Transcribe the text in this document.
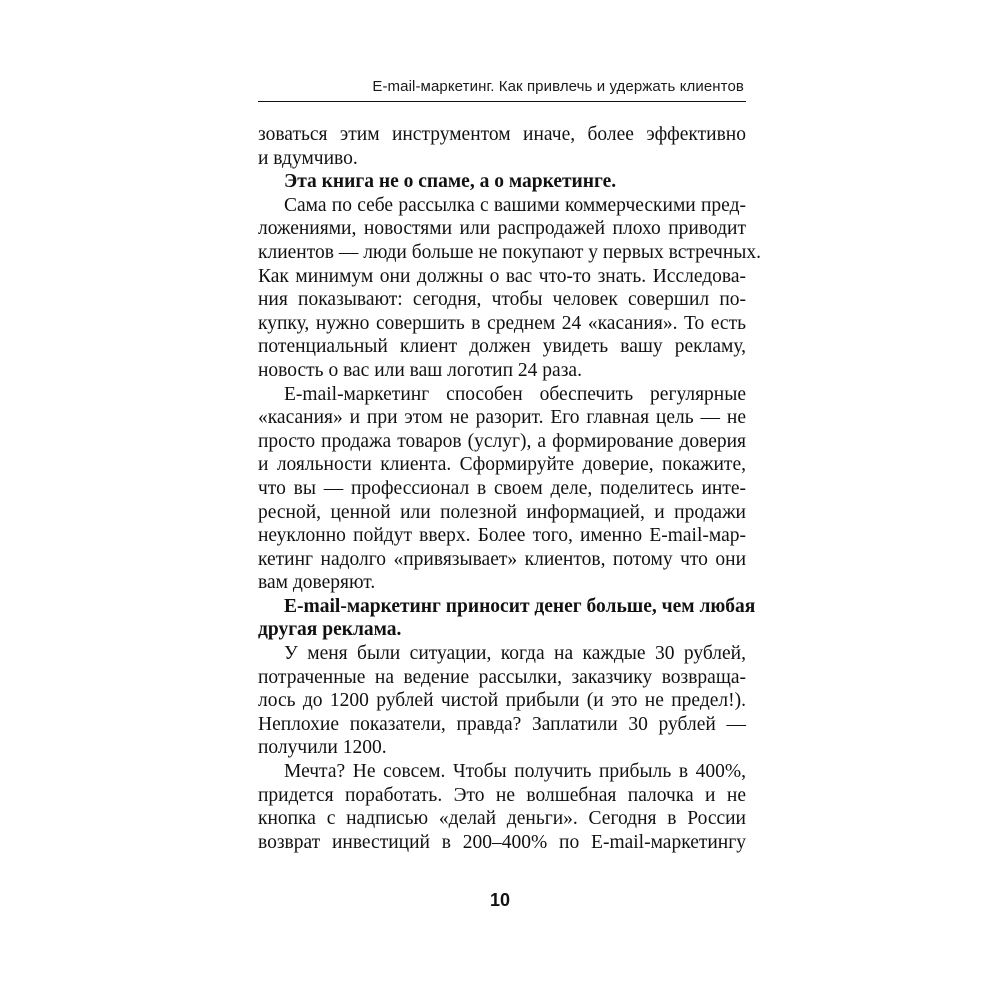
E-mail-маркетинг. Как привлечь и удержать клиентов
зоваться этим инструментом иначе, более эффективно
и вдумчиво.
Эта книга не о спаме, а о маркетинге.
Сама по себе рассылка с вашими коммерческими пред-
ложениями, новостями или распродажей плохо приводит
клиентов — люди больше не покупают у первых встречных.
Как минимум они должны о вас что-то знать. Исследова-
ния показывают: сегодня, чтобы человек совершил по-
купку, нужно совершить в среднем 24 «касания». То есть
потенциальный клиент должен увидеть вашу рекламу,
новость о вас или ваш логотип 24 раза.
E-mail-маркетинг способен обеспечить регулярные
«касания» и при этом не разорит. Его главная цель — не
просто продажа товаров (услуг), а формирование доверия
и лояльности клиента. Сформируйте доверие, покажите,
что вы — профессионал в своем деле, поделитесь инте-
ресной, ценной или полезной информацией, и продажи
неуклонно пойдут вверх. Более того, именно E-mail-мар-
кетинг надолго «привязывает» клиентов, потому что они
вам доверяют.
E-mail-маркетинг приносит денег больше, чем любая
другая реклама.
У меня были ситуации, когда на каждые 30 рублей,
потраченные на ведение рассылки, заказчику возвраща-
лось до 1200 рублей чистой прибыли (и это не предел!).
Неплохие показатели, правда? Заплатили 30 рублей —
получили 1200.
Мечта? Не совсем. Чтобы получить прибыль в 400%,
придется поработать. Это не волшебная палочка и не
кнопка с надписью «делай деньги». Сегодня в России
возврат инвестиций в 200–400% по E-mail-маркетингу
10
